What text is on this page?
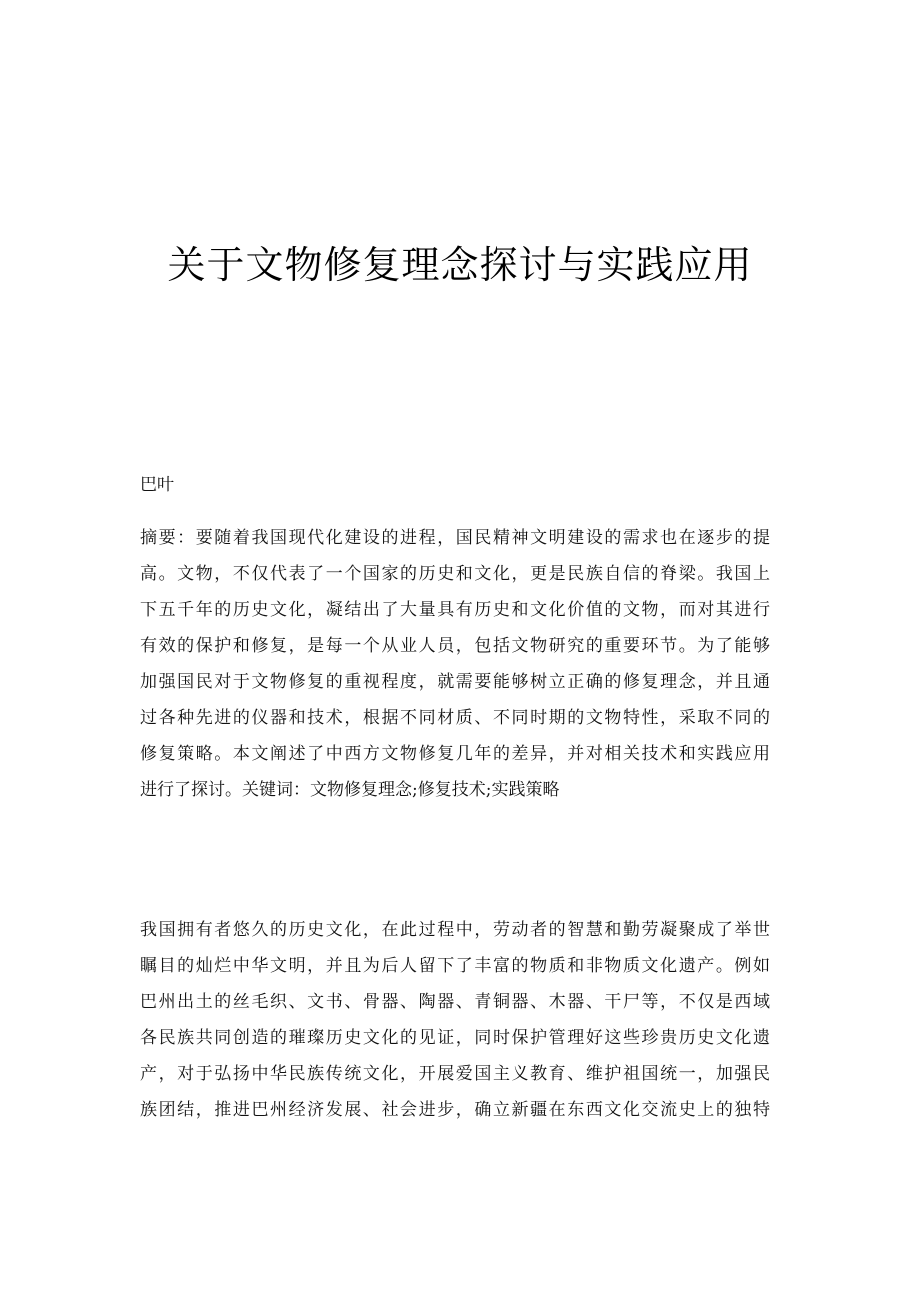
关于文物修复理念探讨与实践应用
巴叶
摘要：要随着我国现代化建设的进程，国民精神文明建设的需求也在逐步的提
高。文物，不仅代表了一个国家的历史和文化，更是民族自信的脊梁。我国上
下五千年的历史文化，凝结出了大量具有历史和文化价值的文物，而对其进行
有效的保护和修复，是每一个从业人员，包括文物研究的重要环节。为了能够
加强国民对于文物修复的重视程度，就需要能够树立正确的修复理念，并且通
过各种先进的仪器和技术，根据不同材质、不同时期的文物特性，采取不同的
修复策略。本文阐述了中西方文物修复几年的差异，并对相关技术和实践应用
进行了探讨。关键词：文物修复理念;修复技术;实践策略
我国拥有者悠久的历史文化，在此过程中，劳动者的智慧和勤劳凝聚成了举世
瞩目的灿烂中华文明，并且为后人留下了丰富的物质和非物质文化遗产。例如
巴州出土的丝毛织、文书、骨器、陶器、青铜器、木器、干尸等，不仅是西域
各民族共同创造的璀璨历史文化的见证，同时保护管理好这些珍贵历史文化遗
产，对于弘扬中华民族传统文化，开展爱国主义教育、维护祖国统一，加强民
族团结，推进巴州经济发展、社会进步，确立新疆在东西文化交流史上的独特
